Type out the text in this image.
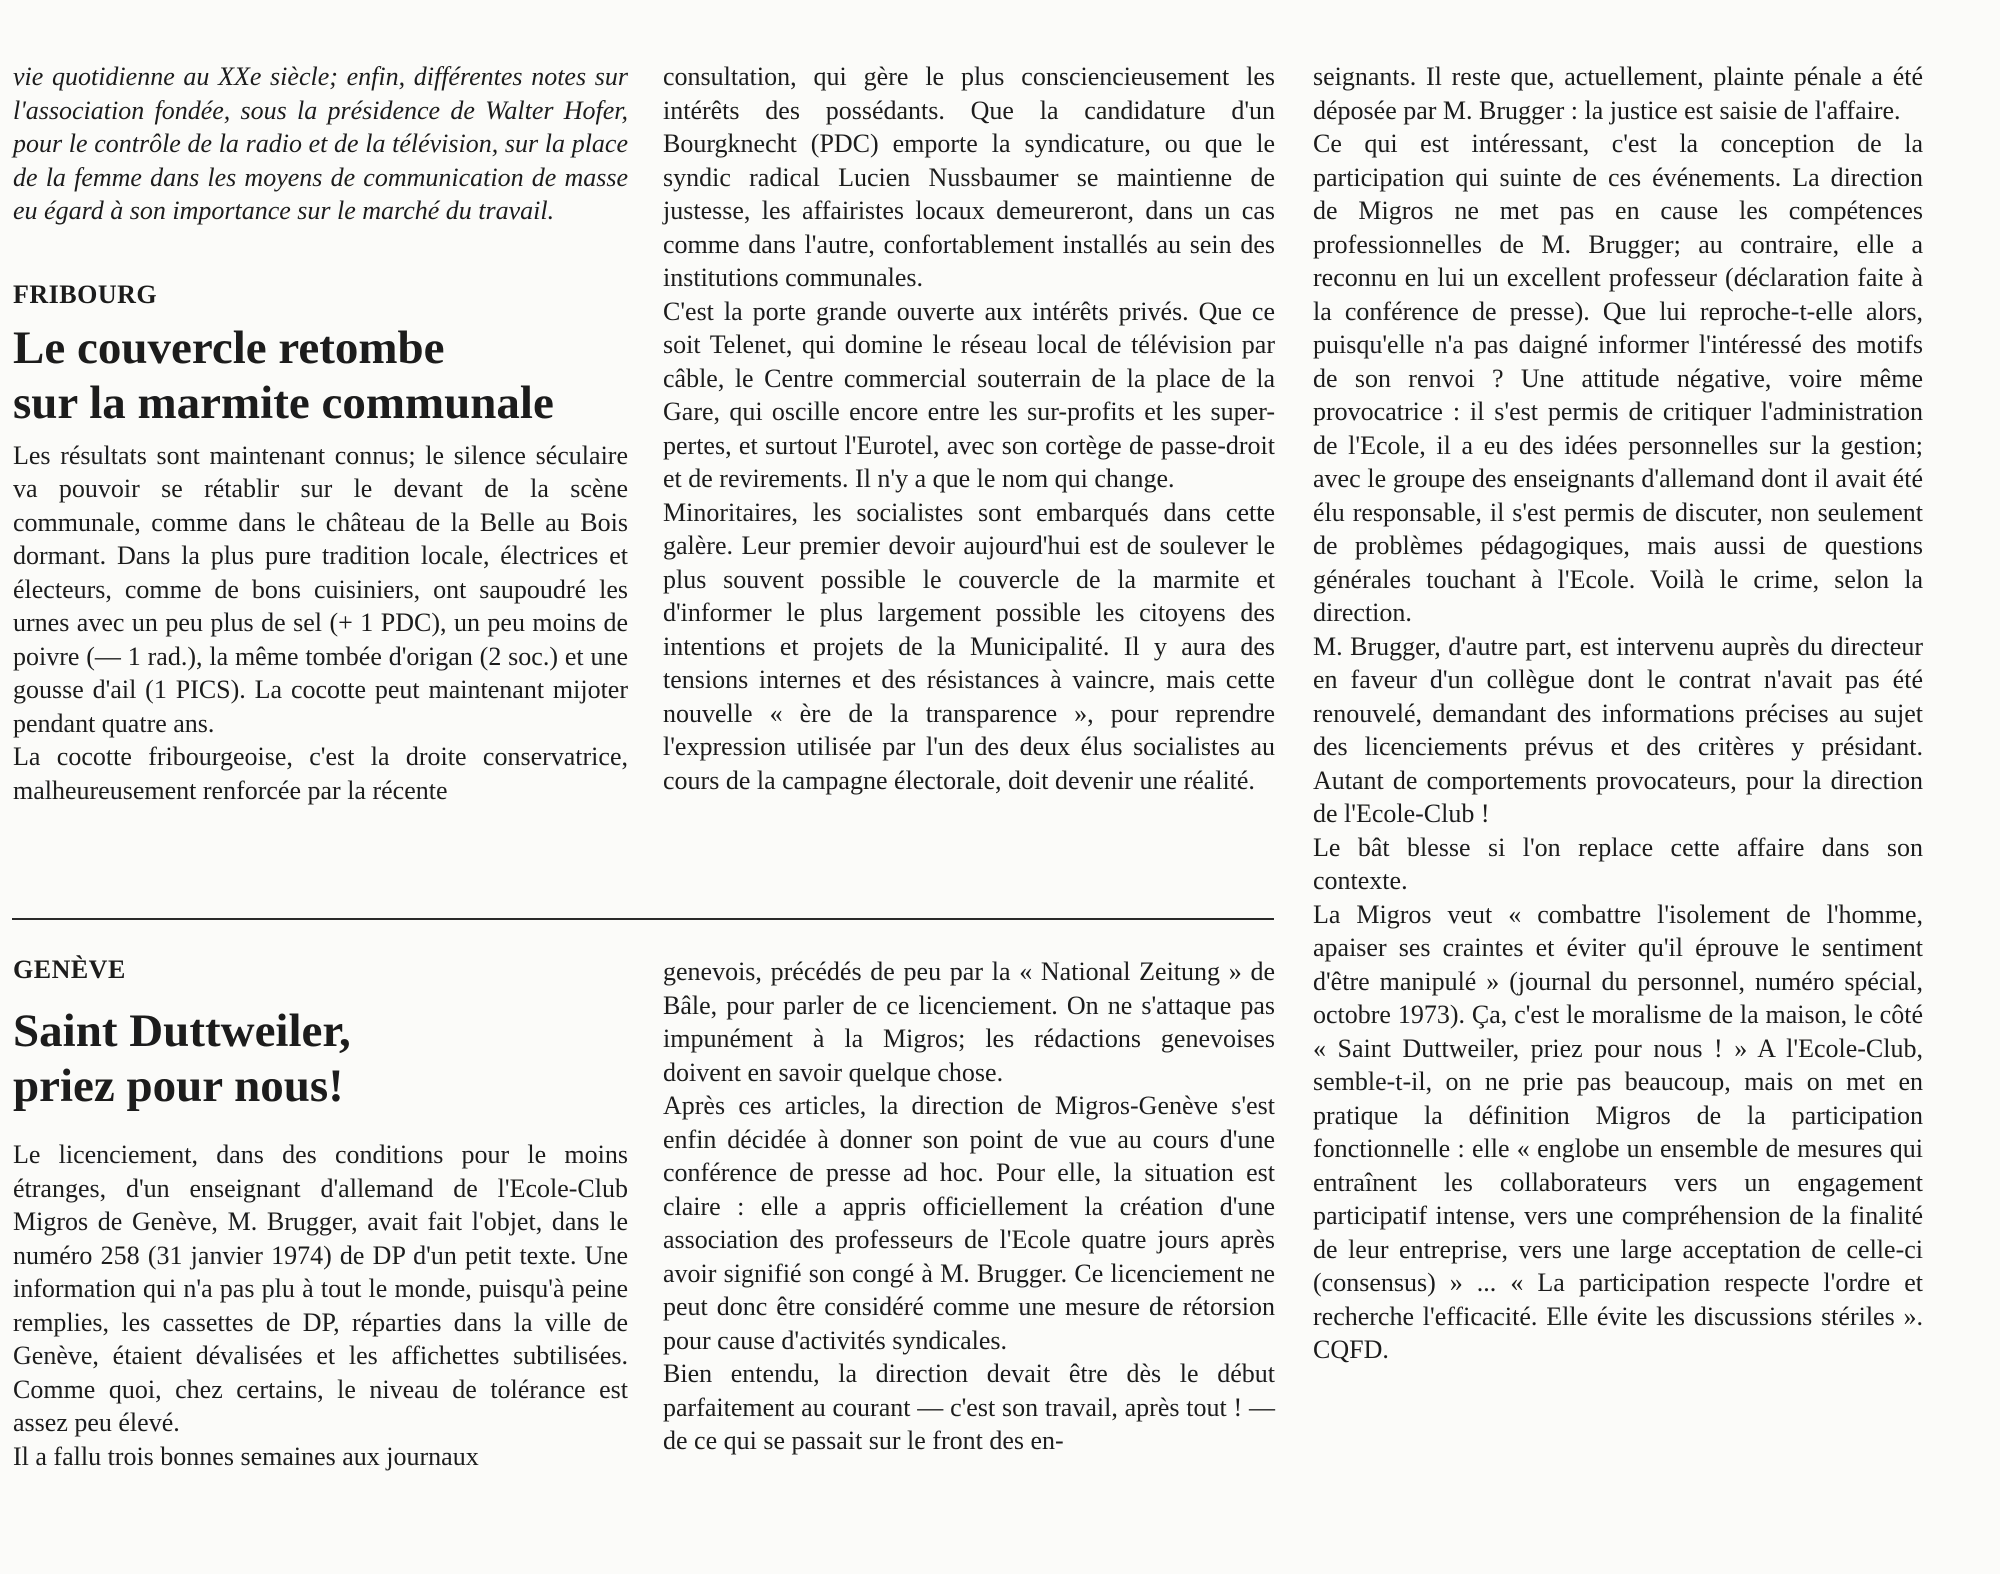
vie quotidienne au XXe siècle; enfin, différentes notes sur l'association fondée, sous la présidence de Walter Hofer, pour le contrôle de la radio et de la télévision, sur la place de la femme dans les moyens de communication de masse eu égard à son importance sur le marché du travail.

FRIBOURG
Le couvercle retombe
sur la marmite communale

Les résultats sont maintenant connus; le silence séculaire va pouvoir se rétablir sur le devant de la scène communale, comme dans le château de la Belle au Bois dormant. Dans la plus pure tradition locale, électrices et électeurs, comme de bons cuisiniers, ont saupoudré les urnes avec un peu plus de sel (+ 1 PDC), un peu moins de poivre (— 1 rad.), la même tombée d'origan (2 soc.) et une gousse d'ail (1 PICS). La cocotte peut maintenant mijoter pendant quatre ans.

La cocotte fribourgeoise, c'est la droite conservatrice, malheureusement renforcée par la récente

consultation, qui gère le plus consciencieusement les intérêts des possédants. Que la candidature d'un Bourgknecht (PDC) emporte la syndicature, ou que le syndic radical Lucien Nussbaumer se maintienne de justesse, les affairistes locaux demeureront, dans un cas comme dans l'autre, confortablement installés au sein des institutions communales.

C'est la porte grande ouverte aux intérêts privés. Que ce soit Telenet, qui domine le réseau local de télévision par câble, le Centre commercial souterrain de la place de la Gare, qui oscille encore entre les sur-profits et les super-pertes, et surtout l'Eurotel, avec son cortège de passe-droit et de revirements. Il n'y a que le nom qui change.

Minoritaires, les socialistes sont embarqués dans cette galère. Leur premier devoir aujourd'hui est de soulever le plus souvent possible le couvercle de la marmite et d'informer le plus largement possible les citoyens des intentions et projets de la Municipalité. Il y aura des tensions internes et des résistances à vaincre, mais cette nouvelle « ère de la transparence », pour reprendre l'expression utilisée par l'un des deux élus socialistes au cours de la campagne électorale, doit devenir une réalité.

GENÈVE
Saint Duttweiler,
priez pour nous!

Le licenciement, dans des conditions pour le moins étranges, d'un enseignant d'allemand de l'Ecole-Club Migros de Genève, M. Brugger, avait fait l'objet, dans le numéro 258 (31 janvier 1974) de DP d'un petit texte. Une information qui n'a pas plu à tout le monde, puisqu'à peine remplies, les cassettes de DP, réparties dans la ville de Genève, étaient dévalisées et les affichettes subtilisées. Comme quoi, chez certains, le niveau de tolérance est assez peu élevé.

Il a fallu trois bonnes semaines aux journaux

genevois, précédés de peu par la « National Zeitung » de Bâle, pour parler de ce licenciement. On ne s'attaque pas impunément à la Migros; les rédactions genevoises doivent en savoir quelque chose.

Après ces articles, la direction de Migros-Genève s'est enfin décidée à donner son point de vue au cours d'une conférence de presse ad hoc. Pour elle, la situation est claire : elle a appris officiellement la création d'une association des professeurs de l'Ecole quatre jours après avoir signifié son congé à M. Brugger. Ce licenciement ne peut donc être considéré comme une mesure de rétorsion pour cause d'activités syndicales.

Bien entendu, la direction devait être dès le début parfaitement au courant — c'est son travail, après tout ! — de ce qui se passait sur le front des en-

seignants. Il reste que, actuellement, plainte pénale a été déposée par M. Brugger : la justice est saisie de l'affaire.

Ce qui est intéressant, c'est la conception de la participation qui suinte de ces événements. La direction de Migros ne met pas en cause les compétences professionnelles de M. Brugger; au contraire, elle a reconnu en lui un excellent professeur (déclaration faite à la conférence de presse). Que lui reproche-t-elle alors, puisqu'elle n'a pas daigné informer l'intéressé des motifs de son renvoi ? Une attitude négative, voire même provocatrice : il s'est permis de critiquer l'administration de l'Ecole, il a eu des idées personnelles sur la gestion; avec le groupe des enseignants d'allemand dont il avait été élu responsable, il s'est permis de discuter, non seulement de problèmes pédagogiques, mais aussi de questions générales touchant à l'Ecole. Voilà le crime, selon la direction.

M. Brugger, d'autre part, est intervenu auprès du directeur en faveur d'un collègue dont le contrat n'avait pas été renouvelé, demandant des informations précises au sujet des licenciements prévus et des critères y présidant. Autant de comportements provocateurs, pour la direction de l'Ecole-Club !

Le bât blesse si l'on replace cette affaire dans son contexte.

La Migros veut « combattre l'isolement de l'homme, apaiser ses craintes et éviter qu'il éprouve le sentiment d'être manipulé » (journal du personnel, numéro spécial, octobre 1973). Ça, c'est le moralisme de la maison, le côté « Saint Duttweiler, priez pour nous ! » A l'Ecole-Club, semble-t-il, on ne prie pas beaucoup, mais on met en pratique la définition Migros de la participation fonctionnelle : elle « englobe un ensemble de mesures qui entraînent les collaborateurs vers un engagement participatif intense, vers une compréhension de la finalité de leur entreprise, vers une large acceptation de celle-ci (consensus) » ... « La participation respecte l'ordre et recherche l'efficacité. Elle évite les discussions stériles ». CQFD.
